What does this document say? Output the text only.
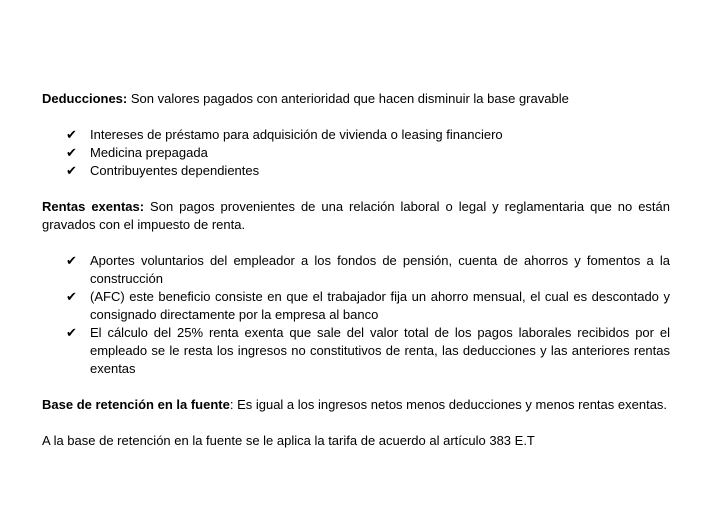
Deducciones: Son valores pagados con anterioridad que hacen disminuir la base gravable

✔ Intereses de préstamo para adquisición de vivienda o leasing financiero
✔ Medicina prepagada
✔ Contribuyentes dependientes

Rentas exentas: Son pagos provenientes de una relación laboral o legal y reglamentaria que no están gravados con el impuesto de renta.

✔ Aportes voluntarios del empleador a los fondos de pensión, cuenta de ahorros y fomentos a la construcción
✔ (AFC) este beneficio consiste en que el trabajador fija un ahorro mensual, el cual es descontado y consignado directamente por la empresa al banco
✔ El cálculo del 25% renta exenta que sale del valor total de los pagos laborales recibidos por el empleado se le resta los ingresos no constitutivos de renta, las deducciones y las anteriores rentas exentas

Base de retención en la fuente: Es igual a los ingresos netos menos deducciones y menos rentas exentas.

A la base de retención en la fuente se le aplica la tarifa de acuerdo al artículo 383 E.T
